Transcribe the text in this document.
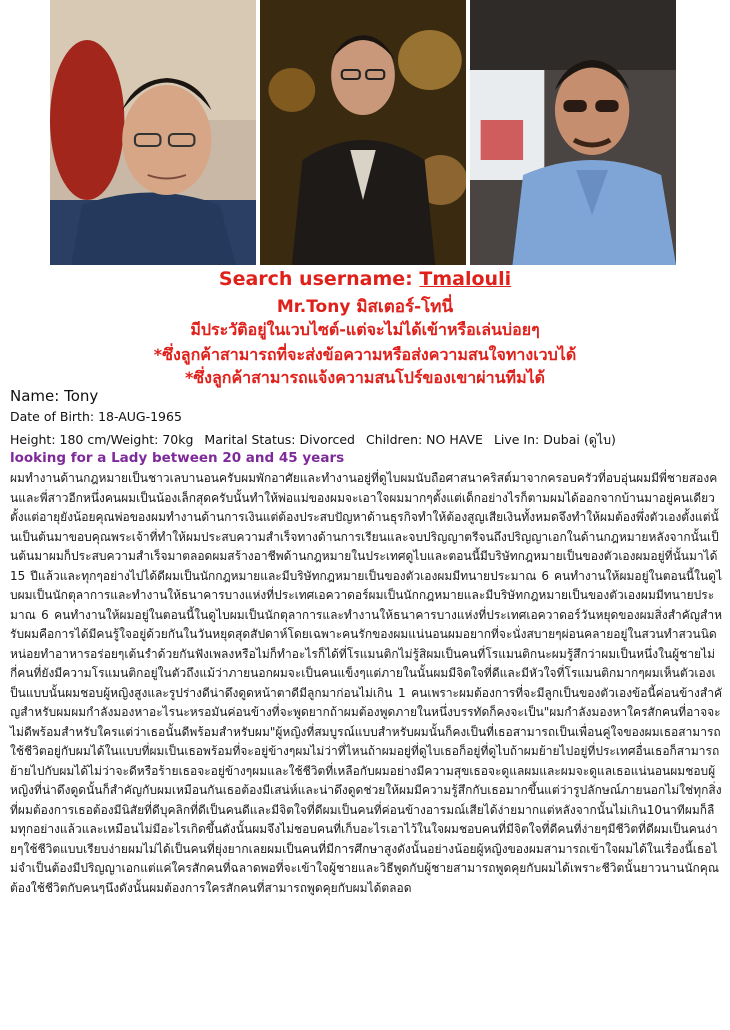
Search username: Tmalouli
Mr.Tony มิสเตอร์-โทนี่
มีประวัติอยู่ในเวบไซต์-แต่จะไม่ได้เข้าหรือเล่นบ่อยๆ
*ซึ่งลูกค้าสามารถที่จะส่งข้อความหรือส่งความสนใจทางเวบได้
*ซึ่งลูกค้าสามารถแจ้งความสนโปร์ของเขาผ่านทีมได้
Name: Tony
Date of Birth: 18-AUG-1965
Height: 180 cm/Weight: 70kg Marital Status: Divorced Children: NO HAVE Live In: Dubai (ดูไบ)
looking for a Lady between 20 and 45 years
ผมทำงานด้านกฎหมายเป็นชาวเลบานอนครับผมพักอาศัยและทำงานอยู่ที่ดูไบผมนับถือศาสนาคริสต์มาจากครอบครัวที่อบอุ่นผมมีพี่ชายสองคนและพี่สาวอีกหนึ่งคนผมเป็นน้องเล็กสุดครับนั้นทำให้พ่อแม่ของผมจะเอาใจผมมากๆตั้งแต่เด็กอย่างไรก็ตามผมได้ออกจากบ้านมาอยู่คนเดียวตั้งแต่อายุยังน้อยคุณพ่อของผมทำงานด้านการเงินแต่ต้องประสบปัญหาด้านธุรกิจทำให้ต้องสูญเสียเงินทั้งหมดจึงทำให้ผมต้องพึ่งตัวเองตั้งแต่นั้นเป็นต้นมาขอบคุณพระเจ้าที่ทำให้ผมประสบความสำเร็จทางด้านการเรียนและจบปริญญาตรีจนถึงปริญญาเอกในด้านกฎหมายหลังจากนั้นเป็นต้นมาผมก็ประสบความสำเร็จมาตลอดผมสร้างอาชีพด้านกฎหมายในประเทศดูไบและตอนนี้มีบริษัทกฎหมายเป็นของตัวเองผมอยู่ที่นั้นมาได้ 15 ปีแล้วและทุกๆอย่างไปได้ดีผมเป็นนักกฎหมายและมีบริษัทกฎหมายเป็นของตัวเองผมมีทนายประมาณ 6 คนทำงานให้ผมอยู่ในตอนนี้ในดูไบผมเป็นนักตุลาการและทำงานให้ธนาคารบางแห่งที่ประเทศเอควาดอร์ผมเป็นนักกฎหมายและมีบริษัทกฎหมายเป็นของตัวเองผมมีทนายประมาณ 6 คนทำงานให้ผมอยู่ในตอนนี้ในดูไบผมเป็นนักตุลาการและทำงานให้ธนาคารบางแห่งที่ประเทศเอควาดอร์วันหยุดของผมสิ่งสำคัญสำหรับผมคือการได้มีคนรู้ใจอยู่ด้วยกันในวันหยุดสุดสัปดาห์โดยเฉพาะคนรักของผมแน่นอนผมอยากที่จะนั่งสบายๆผ่อนคลายอยู่ในสวนทำสวนนิดหน่อยทำอาหารอร่อยๆเต้นรำด้วยกันฟังเพลงหรือไม่ก็ทำอะไรก็ได้ที่โรแมนติกไม่รู้สิผมเป็นคนที่โรแมนติกนะผมรู้สึกว่าผมเป็นหนึ่งในผู้ชายไม่กี่คนที่ยังมีความโรแมนติกอยู่ในตัวถึงแม้ว่าภายนอกผมจะเป็นคนแข็งๆแต่ภายในนั้นผมมีจิตใจที่ดีและมีหัวใจที่โรแมนติกมากๆผมเห็นตัวเองเป็นแบบนั้นผมชอบผู้หญิงสูงและรูปร่างดีน่าดึงดูดหน้าตาดีมีลูกมาก่อนไม่เกิน 1 คนเพราะผมต้องการที่จะมีลูกเป็นของตัวเองข้อนี้ค่อนข้างสำคัญสำหรับผมผมกำลังมองหาอะไรนะหรอมันค่อนข้างที่จะพูดยากถ้าผมต้องพูดภายในหนึ่งบรรทัดก็คงจะเป็น"ผมกำลังมองหาใครสักคนที่อาจจะไม่ดีพร้อมสำหรับใครแต่ว่าเธอนั้นดีพร้อมสำหรับผม"ผู้หญิงที่สมบูรณ์แบบสำหรับผมนั้นก็คงเป็นที่เธอสามารถเป็นเพื่อนคู่ใจของผมเธอสามารถใช้ชีวิตอยู่กับผมได้ในแบบที่ผมเป็นเธอพร้อมที่จะอยู่ข้างๆผมไม่ว่าที่ไหนถ้าผมอยู่ที่ดูไบเธอก็อยู่ที่ดูไบถ้าผมย้ายไปอยู่ที่ประเทศอื่นเธอก็สามารถย้ายไปกับผมได้ไม่ว่าจะดีหรือร้ายเธอจะอยู่ข้างๆผมและใช้ชีวิตที่เหลือกับผมอย่างมีความสุขเธอจะดูแลผมและผมจะดูแลเธอแน่นอนผมชอบผู้หญิงที่น่าดึงดูดนั้นก็สำคัญกับผมเหมือนกันเธอต้องมีเสน่ห์และน่าดึงดูดช่วยให้ผมมีความรู้สึกกับเธอมากขึ้นแต่ว่ารูปลักษณ์ภายนอกไม่ใช่ทุกสิ่งที่ผมต้องการเธอต้องมีนิสัยที่ดีบุคลิกที่ดีเป็นคนดีและมีจิตใจที่ดีผมเป็นคนที่ค่อนข้างอารมณ์เสียได้ง่ายมากแต่หลังจากนั้นไม่เกิน10นาทีผมก็ลืมทุกอย่างแล้วและเหมือนไม่มีอะไรเกิดขึ้นดังนั้นผมจึงไม่ชอบคนที่เก็บอะไรเอาไว้ในใจผมชอบคนที่มีจิตใจที่ดีคนที่ง่ายๆมีชีวิตที่ดีผมเป็นคนง่ายๆใช้ชีวิตแบบเรียบง่ายผมไม่ได้เป็นคนที่ยุ่งยากเลยผมเป็นคนที่มีการศึกษาสูงดังนั้นอย่างน้อยผู้หญิงของผมสามารถเข้าใจผมได้ในเรื่องนี้เธอไม่จำเป็นต้องมีปริญญาเอกแต่แค่ใครสักคนที่ฉลาดพอที่จะเข้าใจผู้ชายและวิธีพูดกับผู้ชายสามารถพูดคุยกับผมได้เพราะชีวิตนั้นยาวนานนักคุณต้องใช้ชีวิตกับคนๆนึงดังนั้นผมต้องการใครสักคนที่สามารถพูดคุยกับผมได้ตลอด
